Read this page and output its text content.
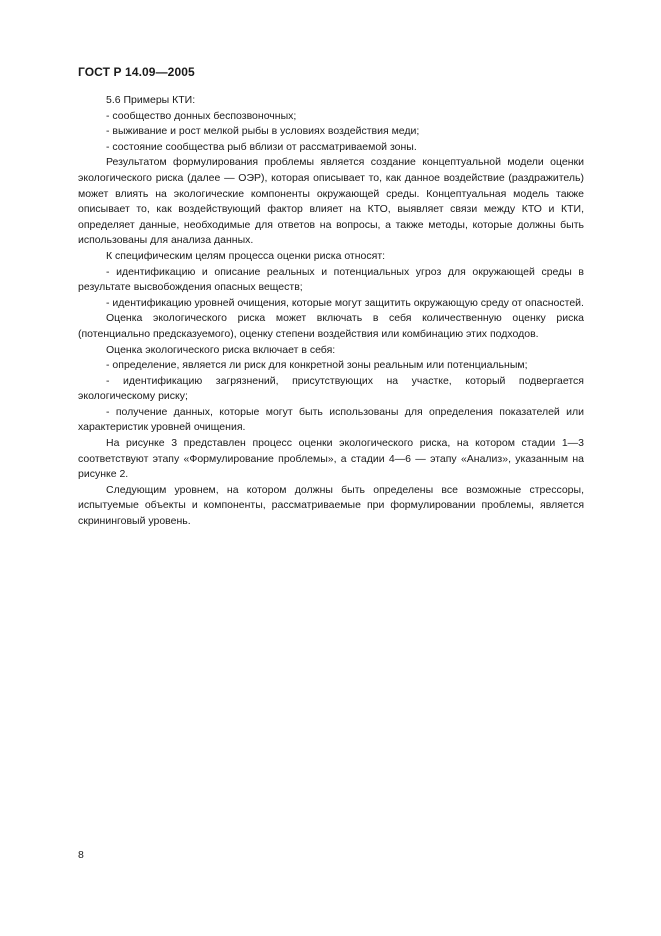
ГОСТ Р 14.09—2005

5.6 Примеры КТИ:

- сообщество донных беспозвоночных;

- выживание и рост мелкой рыбы в условиях воздействия меди;

- состояние сообщества рыб вблизи от рассматриваемой зоны.

Результатом формулирования проблемы является создание концептуальной модели оценки экологического риска (далее — ОЭР), которая описывает то, как данное воздействие (раздражитель) может влиять на экологические компоненты окружающей среды. Концептуальная модель также описывает то, как воздействующий фактор влияет на КТО, выявляет связи между КТО и КТИ, определяет данные, необходимые для ответов на вопросы, а также методы, которые должны быть использованы для анализа данных.

К специфическим целям процесса оценки риска относят:

- идентификацию и описание реальных и потенциальных угроз для окружающей среды в результате высвобождения опасных веществ;

- идентификацию уровней очищения, которые могут защитить окружающую среду от опасностей.

Оценка экологического риска может включать в себя количественную оценку риска (потенциально предсказуемого), оценку степени воздействия или комбинацию этих подходов.

Оценка экологического риска включает в себя:

- определение, является ли риск для конкретной зоны реальным или потенциальным;

- идентификацию загрязнений, присутствующих на участке, который подвергается экологическому риску;

- получение данных, которые могут быть использованы для определения показателей или характеристик уровней очищения.

На рисунке 3 представлен процесс оценки экологического риска, на котором стадии 1—3 соответствуют этапу «Формулирование проблемы», а стадии 4—6 — этапу «Анализ», указанным на рисунке 2.

Следующим уровнем, на котором должны быть определены все возможные стрессоры, испытуемые объекты и компоненты, рассматриваемые при формулировании проблемы, является скрининговый уровень.

8
